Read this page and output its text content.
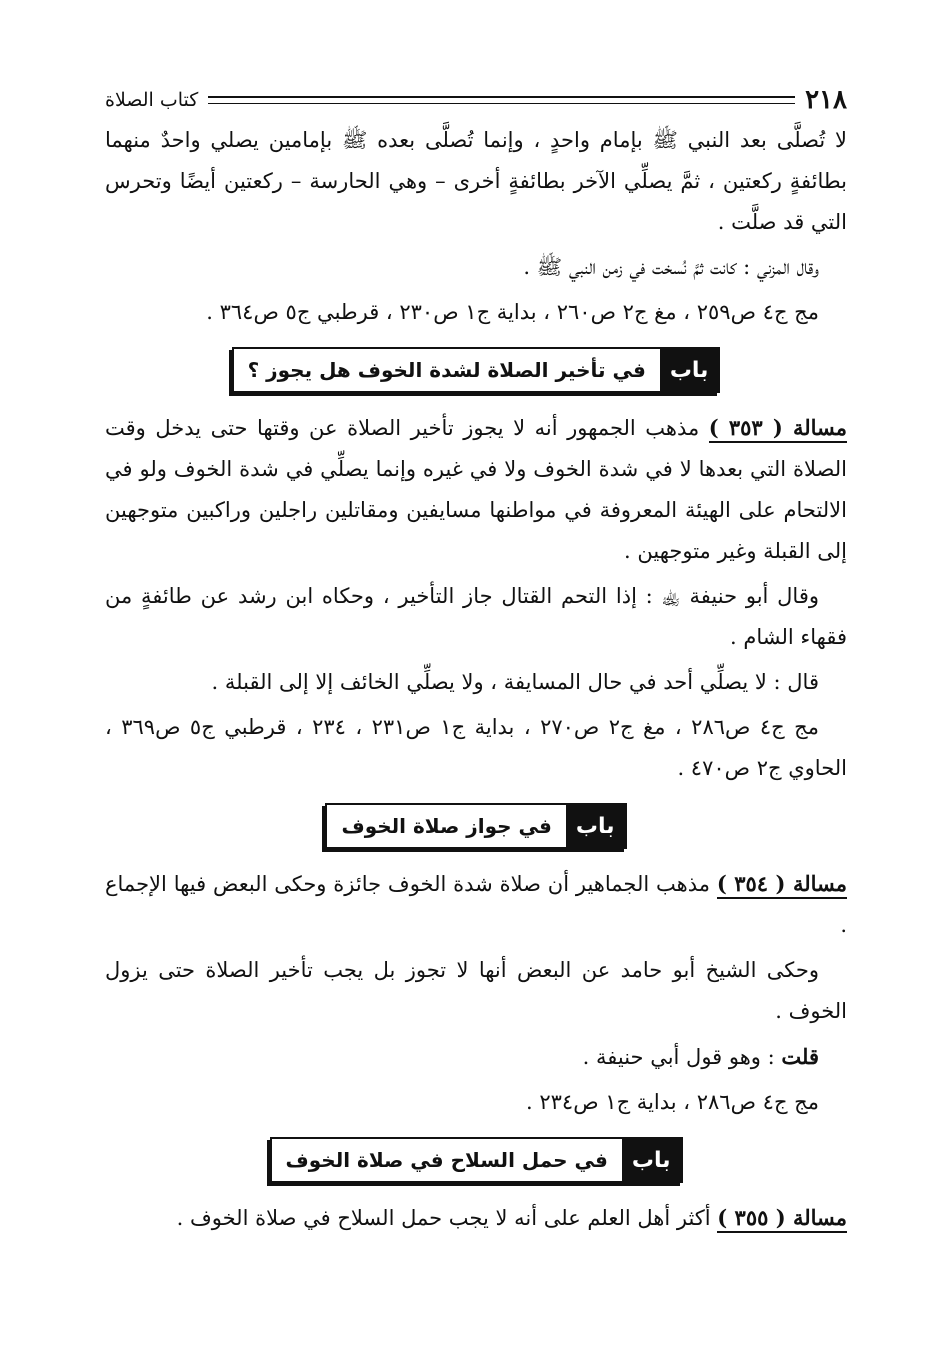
٢١٨
كتاب الصلاة

لا تُصلَّى بعد النبي ﷺ بإمام واحدٍ ، وإنما تُصلَّى بعده ﷺ بإمامين يصلي واحدٌ منهما بطائفةٍ ركعتين ، ثمَّ يصلِّي الآخر بطائفةٍ أخرى – وهي الحارسة – ركعتين أيضًا وتحرس التي قد صلَّت .

وقال المزني : كانت ثمَّ نُسخت في زمن النبي ﷺ .

مج ج٤ ص٢٥٩ ، مغ ج٢ ص٢٦٠ ، بداية ج١ ص٢٣٠ ، قرطبي ج٥ ص٣٦٤ .

باب
في تأخير الصلاة لشدة الخوف هل يجوز ؟

مسالة ( ٣٥٣ ) مذهب الجمهور أنه لا يجوز تأخير الصلاة عن وقتها حتى يدخل وقت الصلاة التي بعدها لا في شدة الخوف ولا في غيره وإنما يصلِّي في شدة الخوف ولو في الالتحام على الهيئة المعروفة في مواطنها مسايفين ومقاتلين راجلين وراكبين متوجهين إلى القبلة وغير متوجهين .

وقال أبو حنيفة ﵀ : إذا التحم القتال جاز التأخير ، وحكاه ابن رشد عن طائفةٍ من فقهاء الشام .

قال : لا يصلِّي أحد في حال المسايفة ، ولا يصلِّي الخائف إلا إلى القبلة .

مج ج٤ ص٢٨٦ ، مغ ج٢ ص٢٧٠ ، بداية ج١ ص٢٣١ ، ٢٣٤ ، قرطبي ج٥ ص٣٦٩ ، الحاوي ج٢ ص٤٧٠ .

باب
في جواز صلاة الخوف

مسالة ( ٣٥٤ ) مذهب الجماهير أن صلاة شدة الخوف جائزة وحكى البعض فيها الإجماع .

وحكى الشيخ أبو حامد عن البعض أنها لا تجوز بل يجب تأخير الصلاة حتى يزول الخوف .

قلت : وهو قول أبي حنيفة .

مج ج٤ ص٢٨٦ ، بداية ج١ ص٢٣٤ .

باب
في حمل السلاح في صلاة الخوف

مسالة ( ٣٥٥ ) أكثر أهل العلم على أنه لا يجب حمل السلاح في صلاة الخوف .
